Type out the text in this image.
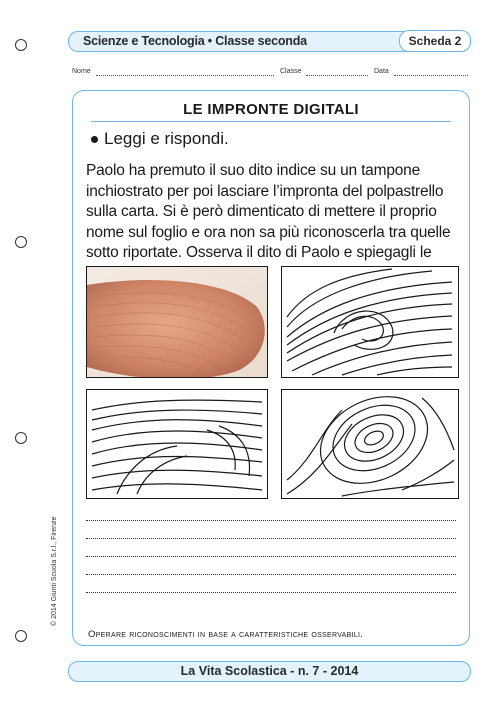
Scienze e Tecnologia • Classe seconda	Scheda 2
Nome	Classe	Data
LE IMPRONTE DIGITALI
Leggi e rispondi.
Paolo ha premuto il suo dito indice su un tampone inchiostrato per poi lasciare l’impronta del polpastrello sulla carta. Si è però dimenticato di mettere il proprio nome sul foglio e ora non sa più riconoscerla tra quelle sotto riportate. Osserva il dito di Paolo e spiegagli le
Operare riconoscimenti in base a caratteristiche osservabili.
© 2014 Giunti Scuola S.r.l., Firenze
La Vita Scolastica - n. 7 - 2014
